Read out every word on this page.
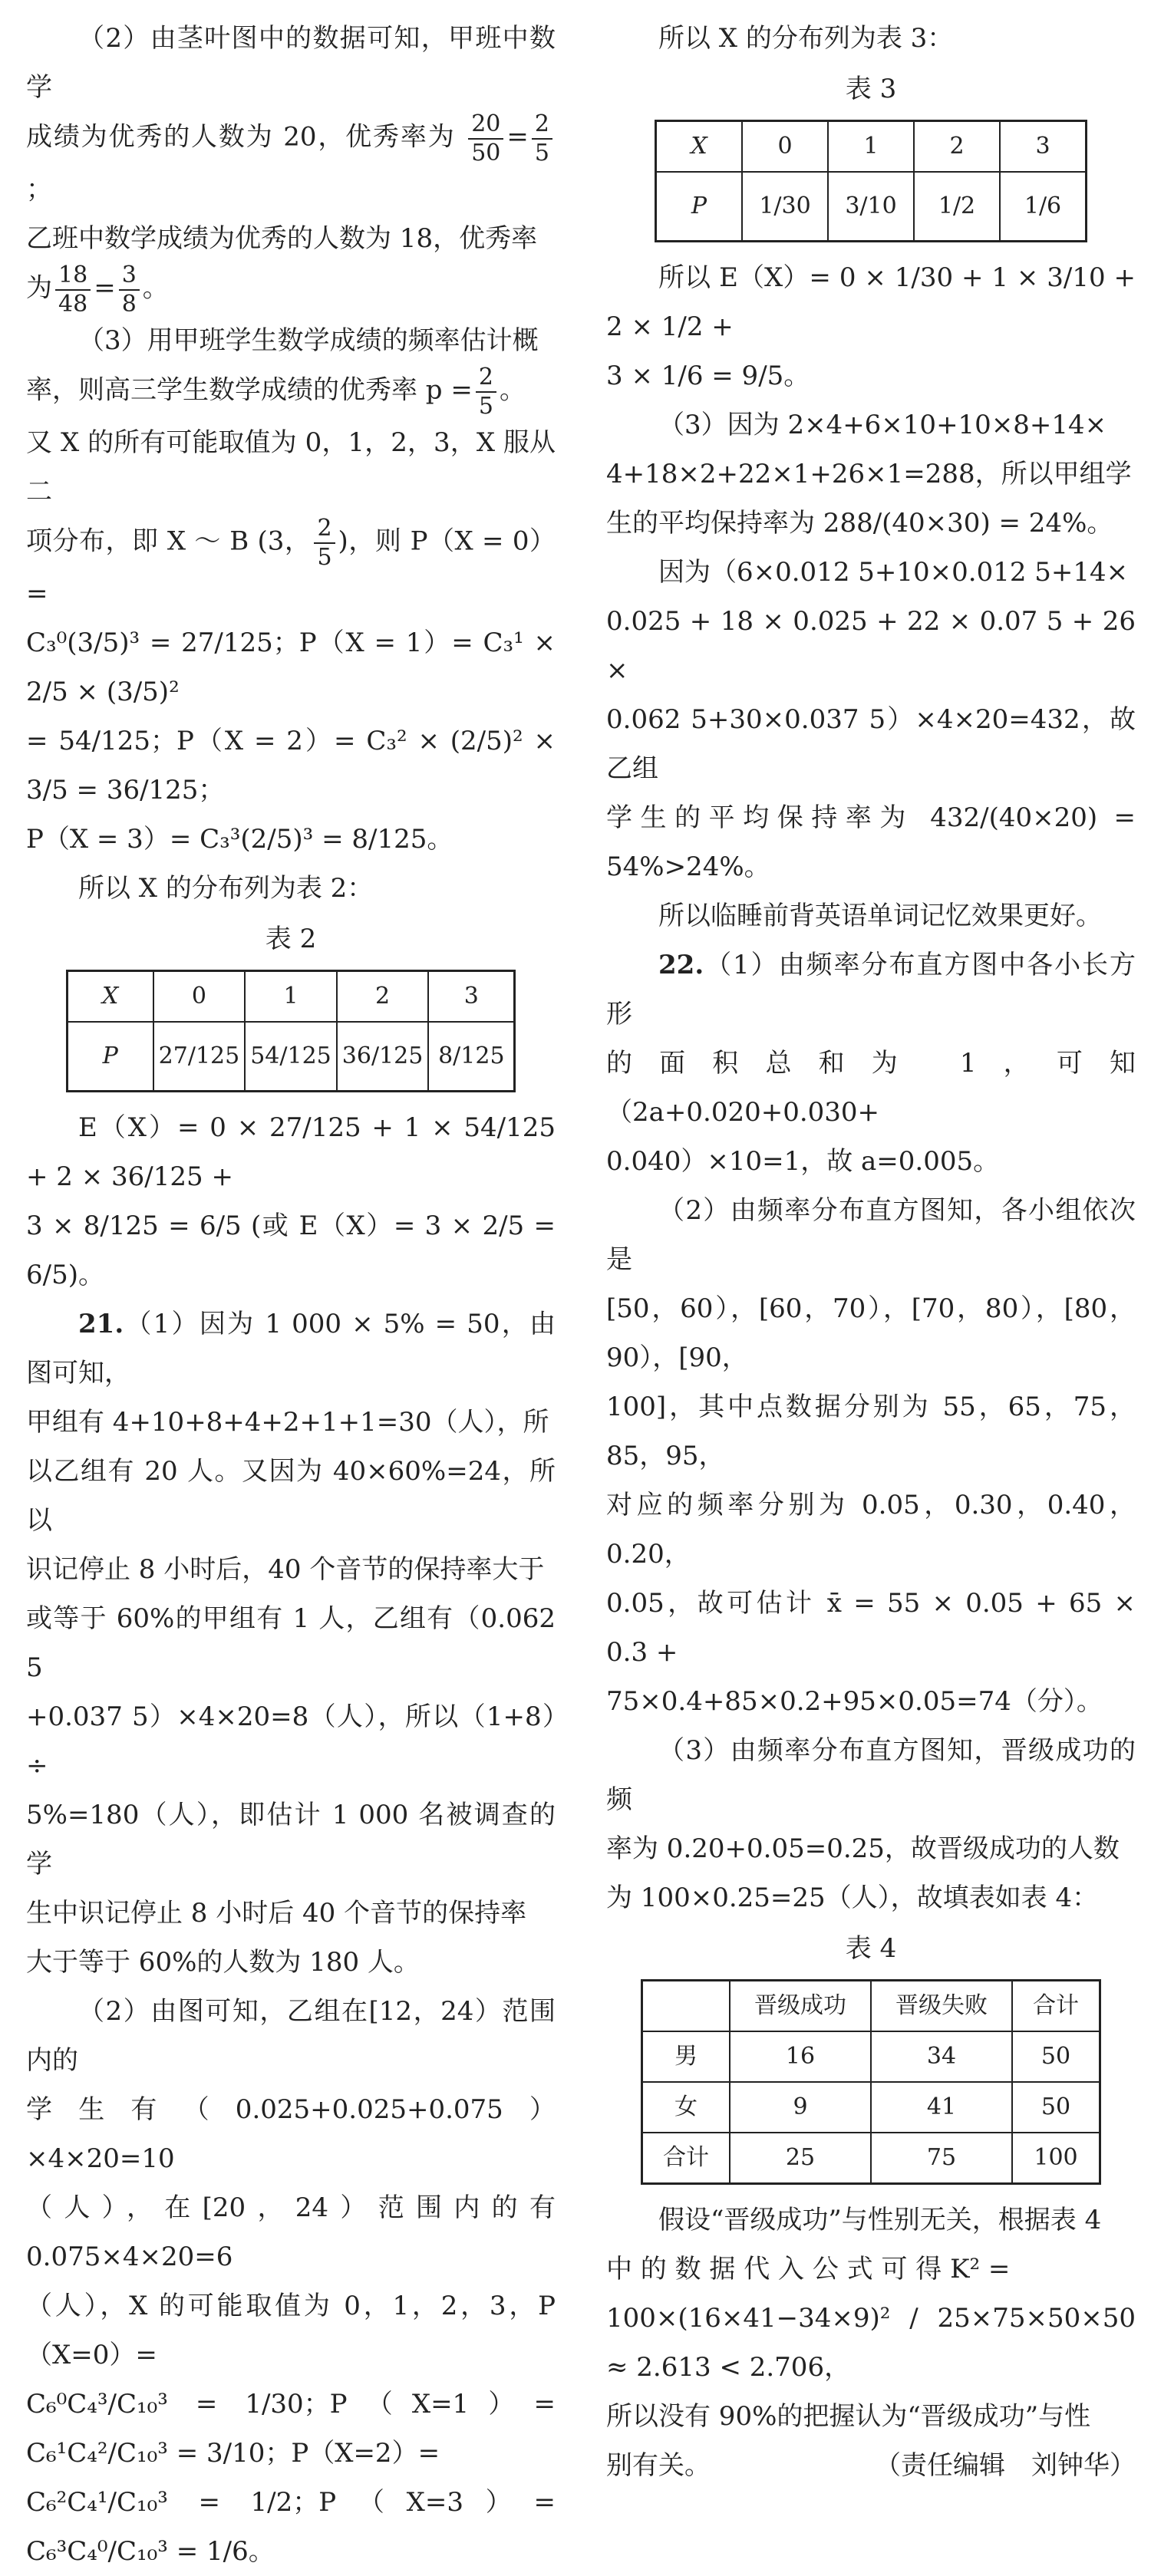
（2）由茎叶图中的数据可知，甲班中数学

成绩为优秀的人数为 20，优秀率为 $\frac{20}{50} = \frac{2}{5}$
；

乙班中数学成绩为优秀的人数为 18，优秀率

为 $\frac{18}{48} = \frac{3}{8}$ 。

（3）用甲班学生数学成绩的频率估计概

率，则高三学生数学成绩的优秀率 $p = \frac{2}{5}$ 。

又 X 的所有可能取值为 0，1，2，3，X 服从二

项分布，即 X ～ B (3， $\frac{2}{5}$ )，则 P（X = 0）=

C₃⁰(3/5)³ = 27/125；P（X = 1）= C₃¹ × 2/5 × (3/5)²

= 54/125；P（X = 2）= C₃² × (2/5)² × 3/5 = 36/125；

P（X = 3）= C₃³(2/5)³ = 8/125。

所以 X 的分布列为表 2：

表 2

X	0	1	2	3
P	27/125	54/125	36/125	8/125

E（X）= 0 × 27/125 + 1 × 54/125 + 2 × 36/125 +

3 × 8/125 = 6/5 (或 E（X）= 3 × 2/5 = 6/5)。

21.（1）因为 1 000 × 5% = 50，由图可知，

甲组有 4+10+8+4+2+1+1=30（人），所

以乙组有 20 人。又因为 40×60%=24，所以

识记停止 8 小时后，40 个音节的保持率大于

或等于 60%的甲组有 1 人，乙组有（0.062 5

+0.037 5）×4×20=8（人），所以（1+8）÷

5%=180（人），即估计 1 000 名被调查的学

生中识记停止 8 小时后 40 个音节的保持率

大于等于 60%的人数为 180 人。

（2）由图可知，乙组在[12，24）范围内的

学生有（0.025+0.025+0.075）×4×20=10

（人），在[20，24）范围内的有 0.075×4×20=6

（人），X 的可能取值为 0，1，2，3，P（X=0）=

C₆⁰C₄³/C₁₀³ = 1/30；P（X=1）= C₆¹C₄²/C₁₀³ = 3/10；P（X=2）=

C₆²C₄¹/C₁₀³ = 1/2；P（X=3）= C₆³C₄⁰/C₁₀³ = 1/6。

所以 X 的分布列为表 3：

表 3

X	0	1	2	3
P	1/30	3/10	1/2	1/6

所以 E（X）= 0 × 1/30 + 1 × 3/10 + 2 × 1/2 +

3 × 1/6 = 9/5。

（3）因为 2×4+6×10+10×8+14×

4+18×2+22×1+26×1=288，所以甲组学

生的平均保持率为 288/(40×30) = 24%。

因为（6×0.012 5+10×0.012 5+14×

0.025 + 18 × 0.025 + 22 × 0.07 5 + 26 ×

0.062 5+30×0.037 5）×4×20=432，故乙组

学生的平均保持率为 432/(40×20) = 54%>24%。

所以临睡前背英语单词记忆效果更好。

22.（1）由频率分布直方图中各小长方形

的面积总和为 1，可知（2a+0.020+0.030+

0.040）×10=1，故 a=0.005。

（2）由频率分布直方图知，各小组依次是

[50，60），[60，70），[70，80），[80，90），[90，

100]，其中点数据分别为 55，65，75，85，95，

对应的频率分别为 0.05，0.30，0.40，0.20，

0.05，故可估计 x̄ = 55 × 0.05 + 65 × 0.3 +

75×0.4+85×0.2+95×0.05=74（分）。

（3）由频率分布直方图知，晋级成功的频

率为 0.20+0.05=0.25，故晋级成功的人数

为 100×0.25=25（人），故填表如表 4：

表 4

	晋级成功	晋级失败	合计
男	16	34	50
女	9	41	50
合计	25	75	100

假设“晋级成功”与性别无关，根据表 4

中 的 数 据 代 入 公 式 可 得 K² =

100×(16×41−34×9)² / 25×75×50×50 ≈ 2.613 < 2.706，

所以没有 90%的把握认为“晋级成功”与性

别有关。	（责任编辑　刘钟华）
